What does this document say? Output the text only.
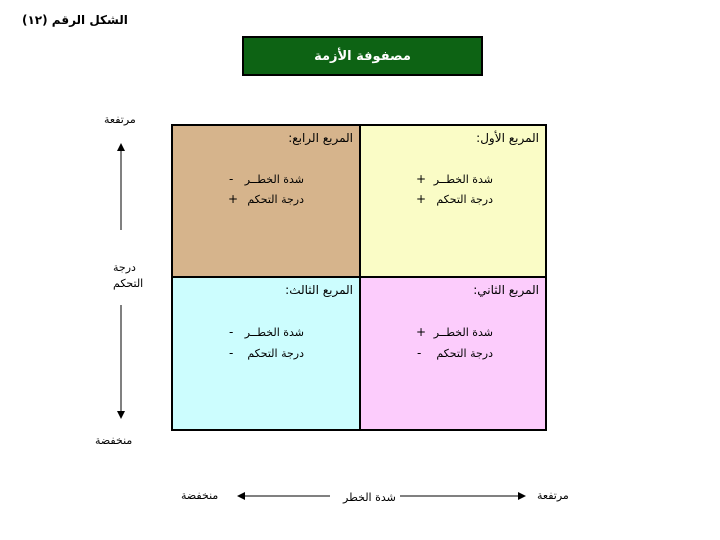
الشكل الرقم (١٢)
مصفوفة الأزمة
المربع الرابع:
شدة الخطــر
-
درجة التحكم
+
المربع الأول:
شدة الخطــر
+
درجة التحكم
+
المربع الثالث:
شدة الخطــر
-
درجة التحكم
-
المربع الثاني:
شدة الخطــر
+
درجة التحكم
-
مرتفعة
درجة
التحكم
منخفضة
منخفضة	شدة الخطر	مرتفعة
